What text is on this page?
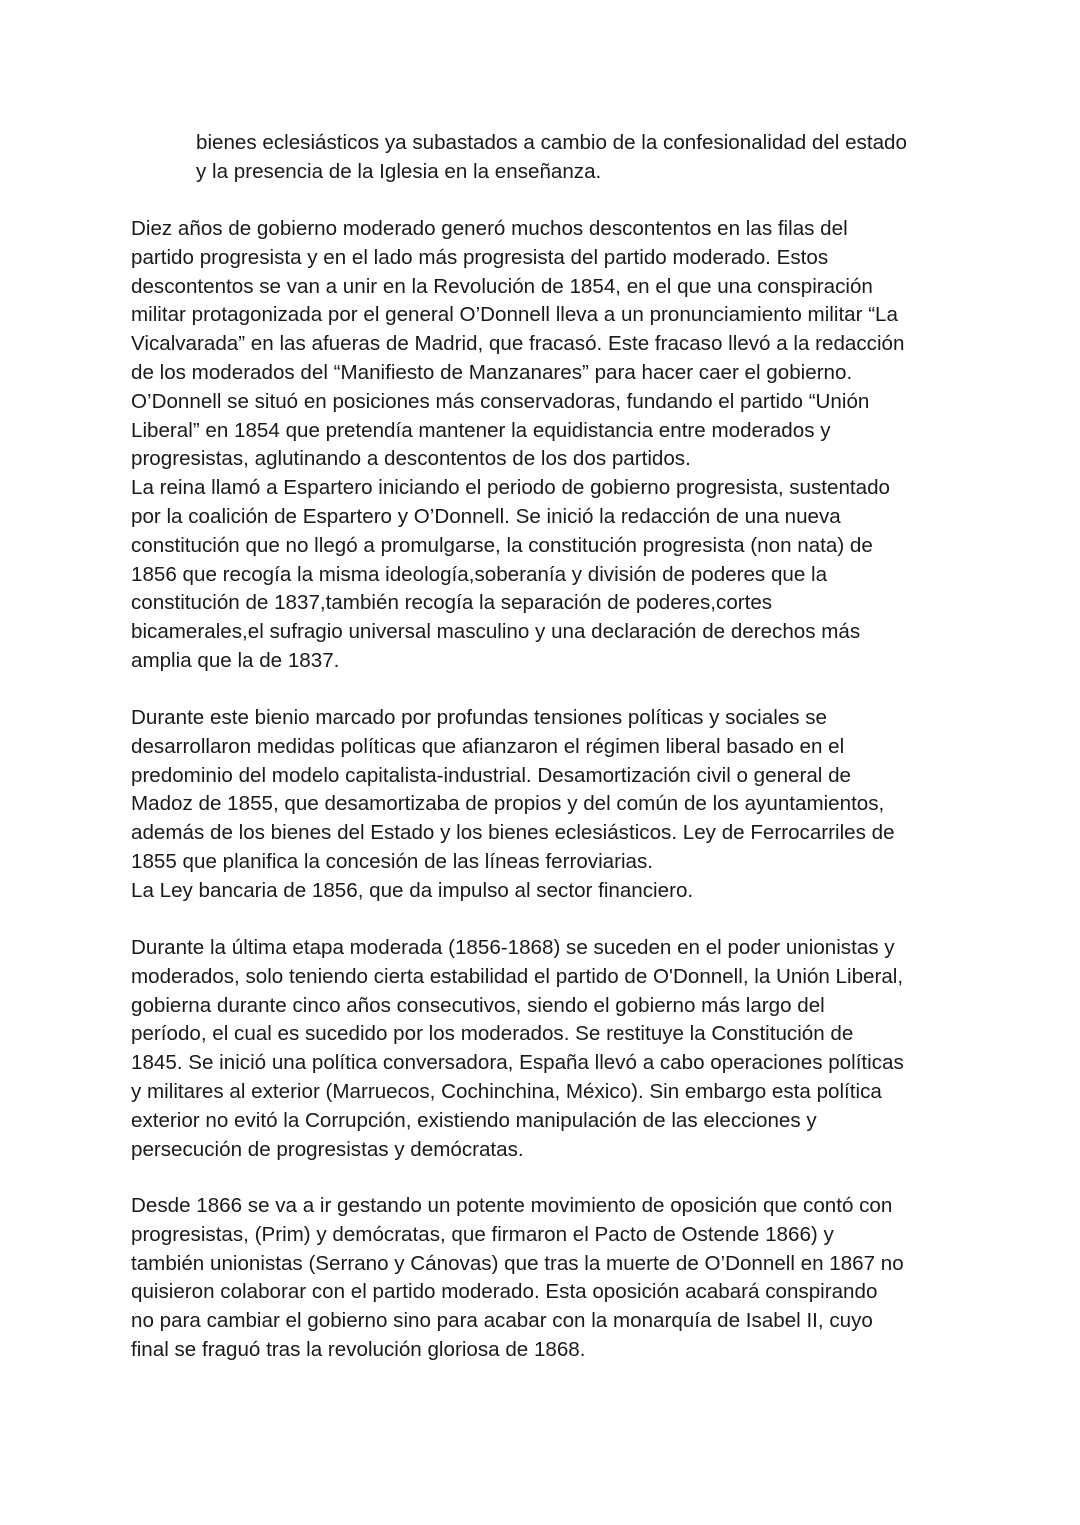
bienes eclesiásticos ya subastados a cambio de la confesionalidad del estado
y la presencia de la Iglesia en la enseñanza.
Diez años de gobierno moderado generó muchos descontentos en las filas del
partido progresista y en el lado más progresista del partido moderado. Estos
descontentos se van a unir en la Revolución de 1854, en el que una conspiración
militar protagonizada por el general O’Donnell lleva a un pronunciamiento militar “La
Vicalvarada” en las afueras de Madrid, que fracasó. Este fracaso llevó a la redacción
de los moderados del “Manifiesto de Manzanares” para hacer caer el gobierno.
O’Donnell se situó en posiciones más conservadoras, fundando el partido “Unión
Liberal” en 1854 que pretendía mantener la equidistancia entre moderados y
progresistas, aglutinando a descontentos de los dos partidos.
La reina llamó a Espartero iniciando el periodo de gobierno progresista, sustentado
por la coalición de Espartero y O’Donnell. Se inició la redacción de una nueva
constitución que no llegó a promulgarse, la constitución progresista (non nata) de
1856 que recogía la misma ideología,soberanía y división de poderes que la
constitución de 1837,también recogía la separación de poderes,cortes
bicamerales,el sufragio universal masculino y una declaración de derechos más
amplia que la de 1837.
Durante este bienio marcado por profundas tensiones políticas y sociales se
desarrollaron medidas políticas que afianzaron el régimen liberal basado en el
predominio del modelo capitalista-industrial. Desamortización civil o general de
Madoz de 1855, que desamortizaba de propios y del común de los ayuntamientos,
además de los bienes del Estado y los bienes eclesiásticos. Ley de Ferrocarriles de
1855 que planifica la concesión de las líneas ferroviarias.
La Ley bancaria de 1856, que da impulso al sector financiero.
Durante la última etapa moderada (1856-1868) se suceden en el poder unionistas y
moderados, solo teniendo cierta estabilidad el partido de O'Donnell, la Unión Liberal,
gobierna durante cinco años consecutivos, siendo el gobierno más largo del
período, el cual es sucedido por los moderados. Se restituye la Constitución de
1845. Se inició una política conversadora, España llevó a cabo operaciones políticas
y militares al exterior (Marruecos, Cochinchina, México). Sin embargo esta política
exterior no evitó la Corrupción, existiendo manipulación de las elecciones y
persecución de progresistas y demócratas.
Desde 1866 se va a ir gestando un potente movimiento de oposición que contó con
progresistas, (Prim) y demócratas, que firmaron el Pacto de Ostende 1866) y
también unionistas (Serrano y Cánovas) que tras la muerte de O’Donnell en 1867 no
quisieron colaborar con el partido moderado. Esta oposición acabará conspirando
no para cambiar el gobierno sino para acabar con la monarquía de Isabel II, cuyo
final se fraguó tras la revolución gloriosa de 1868.
